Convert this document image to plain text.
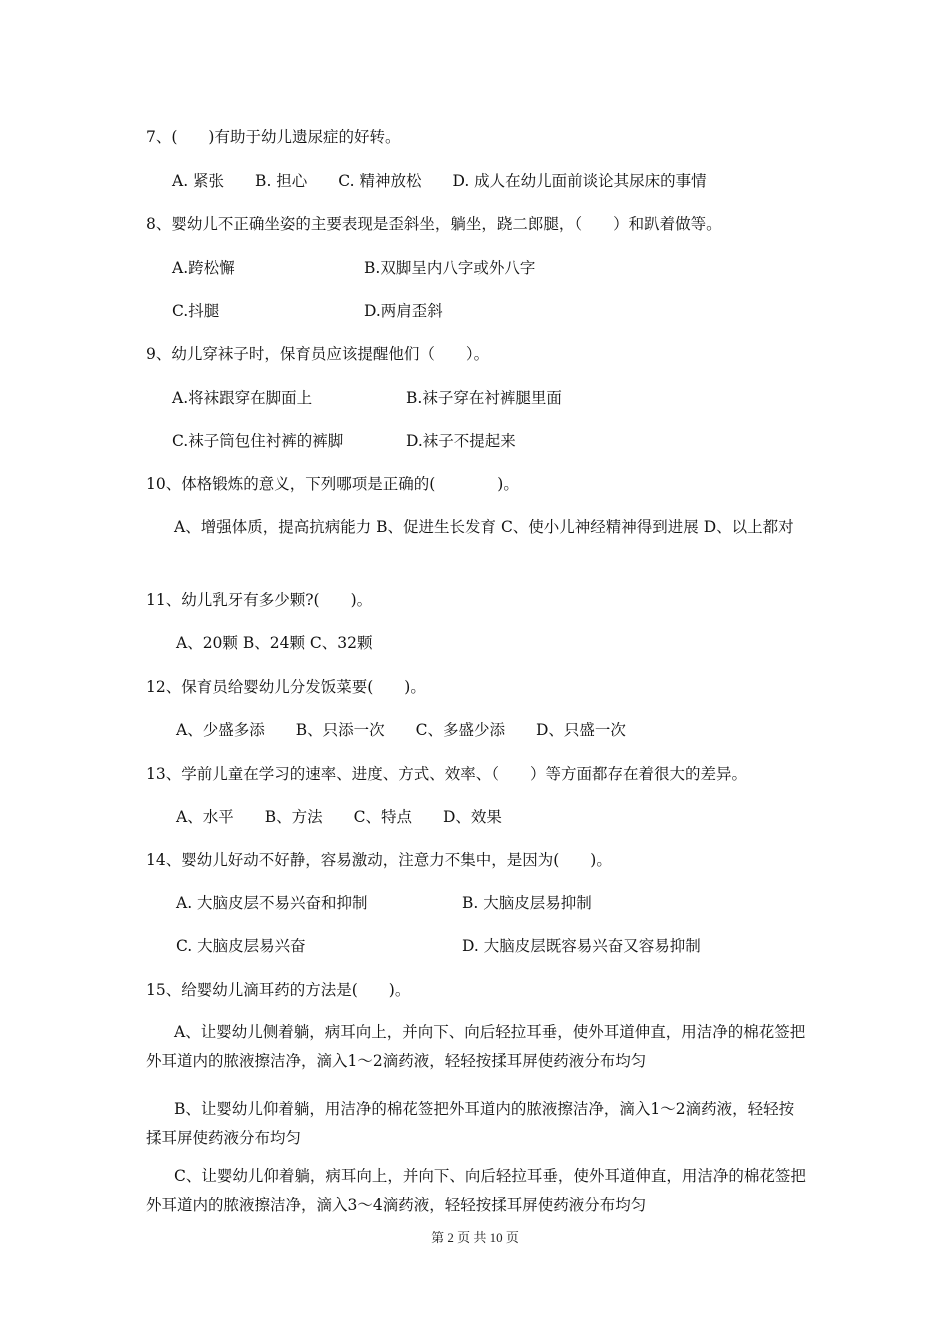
7、(　　)有助于幼儿遗尿症的好转。
A. 紧张　　B. 担心　　C. 精神放松　　D. 成人在幼儿面前谈论其尿床的事情
8、婴幼儿不正确坐姿的主要表现是歪斜坐，躺坐，跷二郎腿，（　　）和趴着做等。
A.跨松懈	B.双脚呈内八字或外八字
C.抖腿	D.两肩歪斜
9、幼儿穿袜子时，保育员应该提醒他们（　　）。
A.将袜跟穿在脚面上	B.袜子穿在衬裤腿里面
C.袜子筒包住衬裤的裤脚	D.袜子不提起来
10、体格锻炼的意义，下列哪项是正确的(　　　　)。
A、增强体质，提高抗病能力 B、促进生长发育 C、使小儿神经精神得到进展 D、以上都对
11、幼儿乳牙有多少颗?(　　)。
A、20颗 B、24颗 C、32颗
12、保育员给婴幼儿分发饭菜要(　　)。
A、少盛多添　　B、只添一次　　C、多盛少添　　D、只盛一次
13、学前儿童在学习的速率、进度、方式、效率、（　　）等方面都存在着很大的差异。
A、水平　　B、方法　　C、特点　　D、效果
14、婴幼儿好动不好静，容易激动，注意力不集中，是因为(　　)。
A. 大脑皮层不易兴奋和抑制	B. 大脑皮层易抑制
C. 大脑皮层易兴奋	D. 大脑皮层既容易兴奋又容易抑制
15、给婴幼儿滴耳药的方法是(　　)。
A、让婴幼儿侧着躺，病耳向上，并向下、向后轻拉耳垂，使外耳道伸直，用洁净的棉花签把外耳道内的脓液擦洁净，滴入1～2滴药液，轻轻按揉耳屏使药液分布均匀
B、让婴幼儿仰着躺，用洁净的棉花签把外耳道内的脓液擦洁净，滴入1～2滴药液，轻轻按揉耳屏使药液分布均匀
C、让婴幼儿仰着躺，病耳向上，并向下、向后轻拉耳垂，使外耳道伸直，用洁净的棉花签把外耳道内的脓液擦洁净，滴入3～4滴药液，轻轻按揉耳屏使药液分布均匀
第 2 页 共 10 页
